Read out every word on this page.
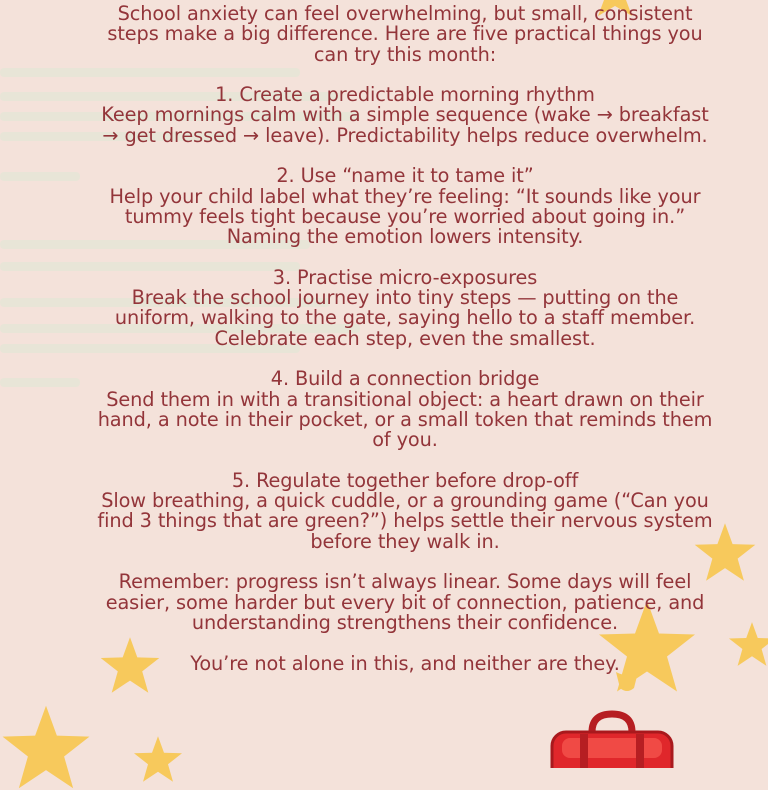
School anxiety can feel overwhelming, but small, consistent steps make a big difference. Here are five practical things you can try this month:

1. Create a predictable morning rhythm
Keep mornings calm with a simple sequence (wake → breakfast → get dressed → leave). Predictability helps reduce overwhelm.
2. Use “name it to tame it”
Help your child label what they’re feeling: “It sounds like your tummy feels tight because you’re worried about going in.” Naming the emotion lowers intensity.
3. Practise micro-exposures
Break the school journey into tiny steps — putting on the uniform, walking to the gate, saying hello to a staff member. Celebrate each step, even the smallest.
4. Build a connection bridge
Send them in with a transitional object: a heart drawn on their hand, a note in their pocket, or a small token that reminds them of you.
5. Regulate together before drop-off
Slow breathing, a quick cuddle, or a grounding game (“Can you find 3 things that are green?”) helps settle their nervous system before they walk in.

Remember: progress isn’t always linear. Some days will feel easier, some harder but every bit of connection, patience, and understanding strengthens their confidence.

You’re not alone in this, and neither are they.
